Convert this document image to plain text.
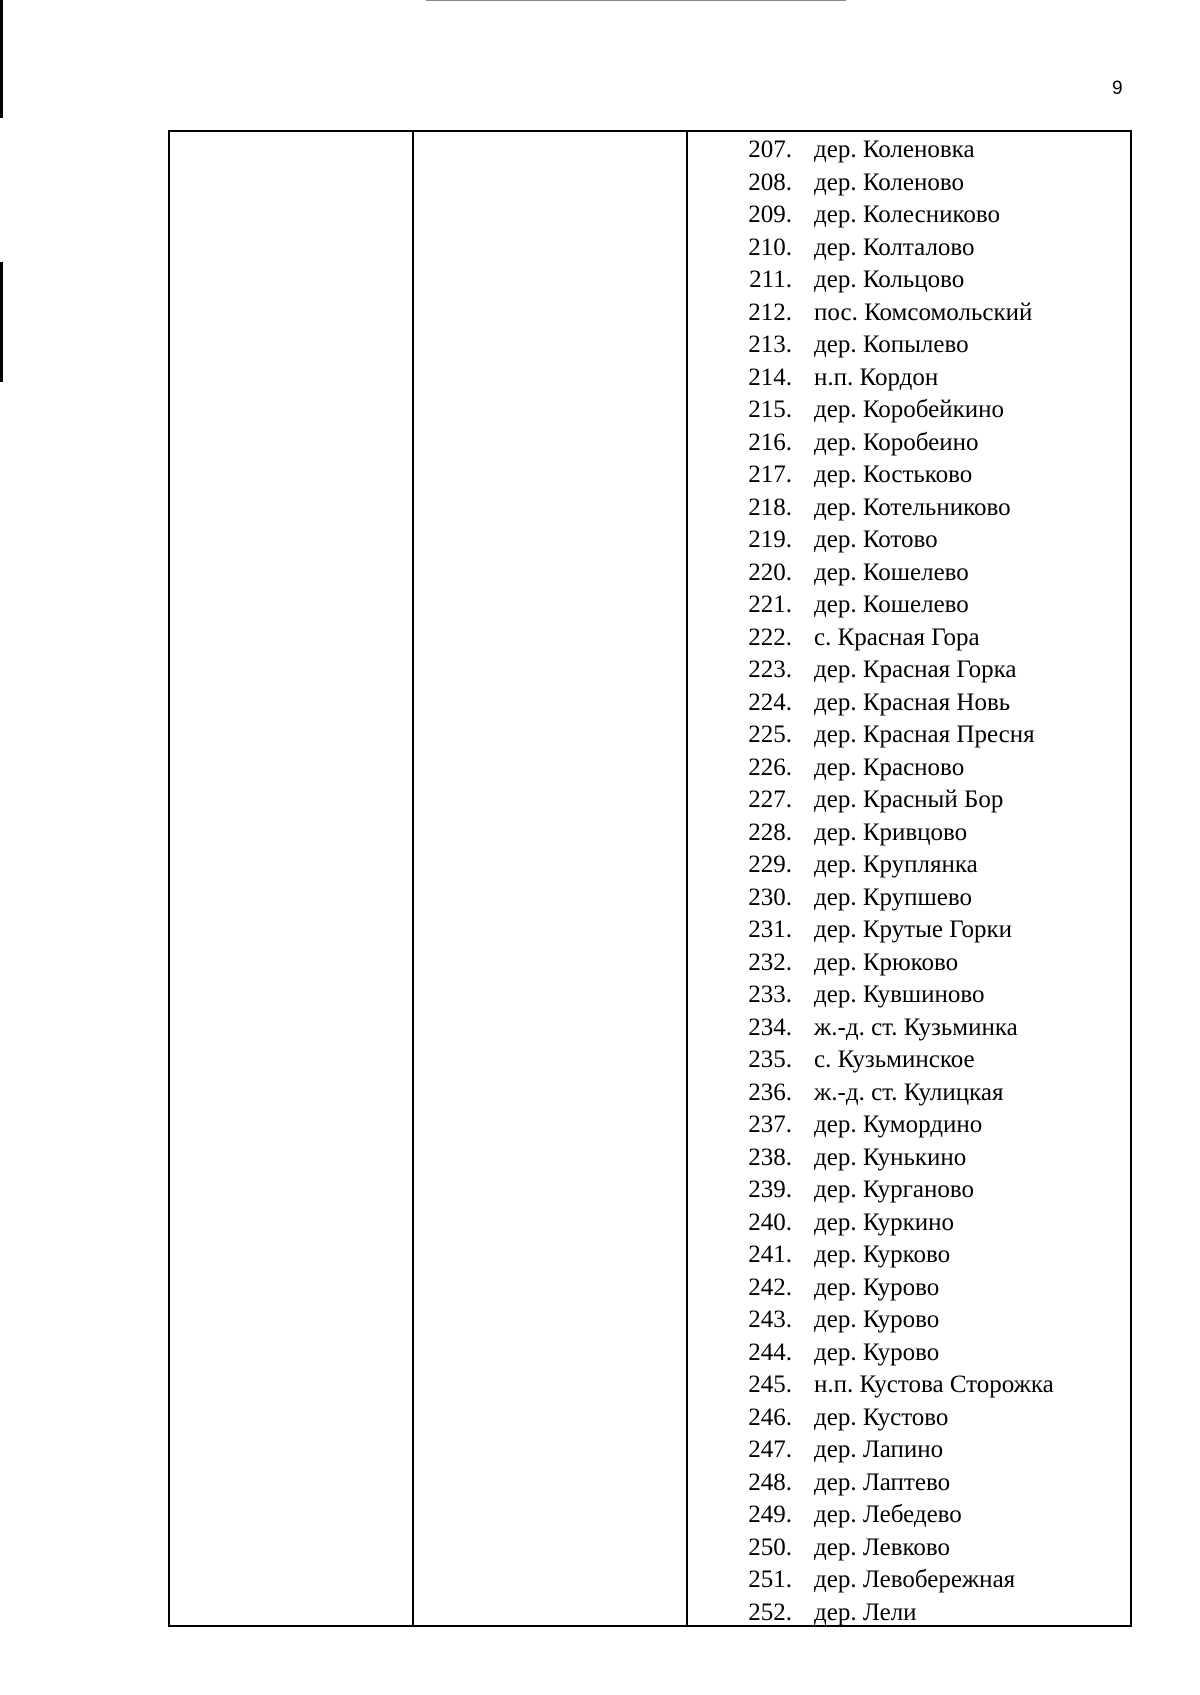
9
207. дер. Коленовка
208. дер. Коленово
209. дер. Колесниково
210. дер. Колталово
211. дер. Кольцово
212. пос. Комсомольский
213. дер. Копылево
214. н.п. Кордон
215. дер. Коробейкино
216. дер. Коробеино
217. дер. Костьково
218. дер. Котельниково
219. дер. Котово
220. дер. Кошелево
221. дер. Кошелево
222. с. Красная Гора
223. дер. Красная Горка
224. дер. Красная Новь
225. дер. Красная Пресня
226. дер. Красново
227. дер. Красный Бор
228. дер. Кривцово
229. дер. Круплянка
230. дер. Крупшево
231. дер. Крутые Горки
232. дер. Крюково
233. дер. Кувшиново
234. ж.-д. ст. Кузьминка
235. с. Кузьминское
236. ж.-д. ст. Кулицкая
237. дер. Кумордино
238. дер. Кунькино
239. дер. Курганово
240. дер. Куркино
241. дер. Курково
242. дер. Курово
243. дер. Курово
244. дер. Курово
245. н.п. Кустова Сторожка
246. дер. Кустово
247. дер. Лапино
248. дер. Лаптево
249. дер. Лебедево
250. дер. Левково
251. дер. Левобережная
252. дер. Лели
